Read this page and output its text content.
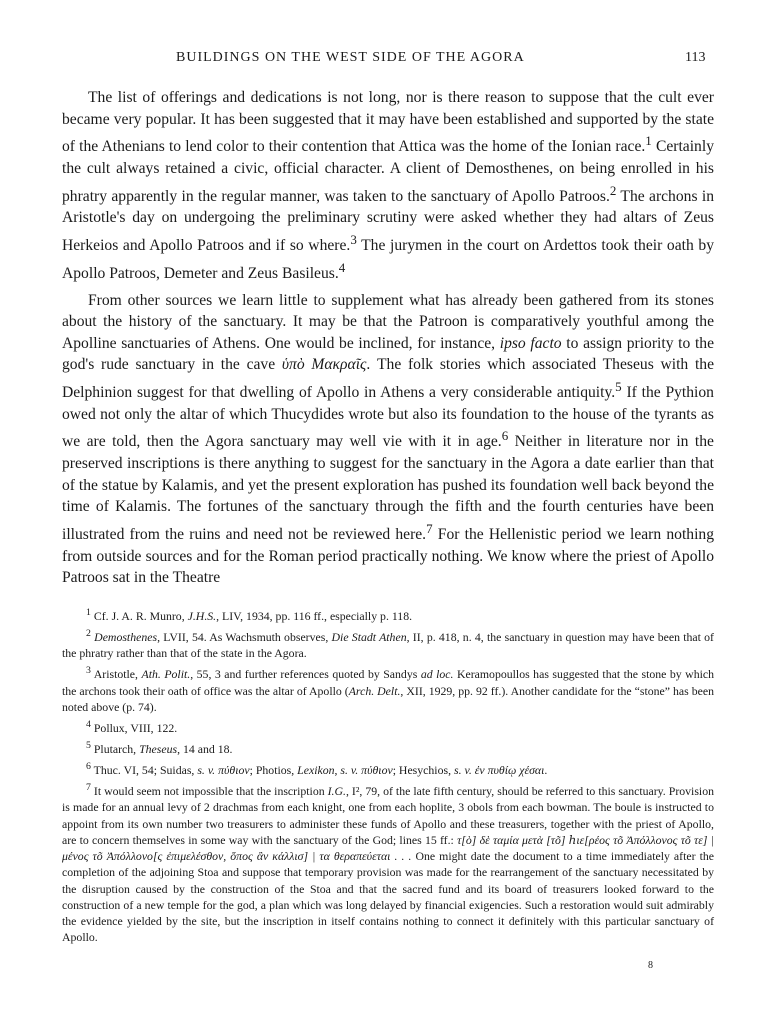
BUILDINGS ON THE WEST SIDE OF THE AGORA	113

The list of offerings and dedications is not long, nor is there reason to suppose that the cult ever became very popular. It has been suggested that it may have been established and supported by the state of the Athenians to lend color to their contention that Attica was the home of the Ionian race.$^1$ Certainly the cult always retained a civic, official character. A client of Demosthenes, on being enrolled in his phratry apparently in the regular manner, was taken to the sanctuary of Apollo Patroos.$^2$ The archons in Aristotle's day on undergoing the preliminary scrutiny were asked whether they had altars of Zeus Herkeios and Apollo Patroos and if so where.$^3$ The jurymen in the court on Ardettos took their oath by Apollo Patroos, Demeter and Zeus Basileus.$^4$

From other sources we learn little to supplement what has already been gathered from its stones about the history of the sanctuary. It may be that the Patroon is comparatively youthful among the Apolline sanctuaries of Athens. One would be inclined, for instance, ipso facto to assign priority to the god's rude sanctuary in the cave ὑπὸ Μακραῖς. The folk stories which associated Theseus with the Delphinion suggest for that dwelling of Apollo in Athens a very considerable antiquity.$^5$ If the Pythion owed not only the altar of which Thucydides wrote but also its foundation to the house of the tyrants as we are told, then the Agora sanctuary may well vie with it in age.$^6$ Neither in literature nor in the preserved inscriptions is there anything to suggest for the sanctuary in the Agora a date earlier than that of the statue by Kalamis, and yet the present exploration has pushed its foundation well back beyond the time of Kalamis. The fortunes of the sanctuary through the fifth and the fourth centuries have been illustrated from the ruins and need not be reviewed here.$^7$ For the Hellenistic period we learn nothing from outside sources and for the Roman period practically nothing. We know where the priest of Apollo Patroos sat in the Theatre

$^1$ Cf. J. A. R. Munro, J.H.S., LIV, 1934, pp. 116 ff., especially p. 118.

$^2$ Demosthenes, LVII, 54. As Wachsmuth observes, Die Stadt Athen, II, p. 418, n. 4, the sanctuary in question may have been that of the phratry rather than that of the state in the Agora.

$^3$ Aristotle, Ath. Polit., 55, 3 and further references quoted by Sandys ad loc. Keramopoullos has suggested that the stone by which the archons took their oath of office was the altar of Apollo (Arch. Delt., XII, 1929, pp. 92 ff.). Another candidate for the “stone” has been noted above (p. 74).

$^4$ Pollux, VIII, 122.

$^5$ Plutarch, Theseus, 14 and 18.

$^6$ Thuc. VI, 54; Suidas, s. v. πύθιον; Photios, Lexikon, s. v. πύθιον; Hesychios, s. v. ἐν πυθίῳ χέσαι.

$^7$ It would seem not impossible that the inscription I.G., I², 79, of the late fifth century, should be referred to this sanctuary. Provision is made for an annual levy of 2 drachmas from each knight, one from each hoplite, 3 obols from each bowman. The boule is instructed to appoint from its own number two treasurers to administer these funds of Apollo and these treasurers, together with the priest of Apollo, are to concern themselves in some way with the sanctuary of the God; lines 15 ff.: τ[ὸ] δὲ ταμία μετὰ [τõ] ℎιε[ρέος τõ Ἀπόλλονος τõ τε] | μένος τõ Ἀπόλλονο[ς ἐπιμελέσθον, ὅπος ἂν κάλλισ] | τα θεραπεύεται . . . One might date the document to a time immediately after the completion of the adjoining Stoa and suppose that temporary provision was made for the rearrangement of the sanctuary necessitated by the disruption caused by the construction of the Stoa and that the sacred fund and its board of treasurers looked forward to the construction of a new temple for the god, a plan which was long delayed by financial exigencies. Such a restoration would suit admirably the evidence yielded by the site, but the inscription in itself contains nothing to connect it definitely with this particular sanctuary of Apollo.

8
